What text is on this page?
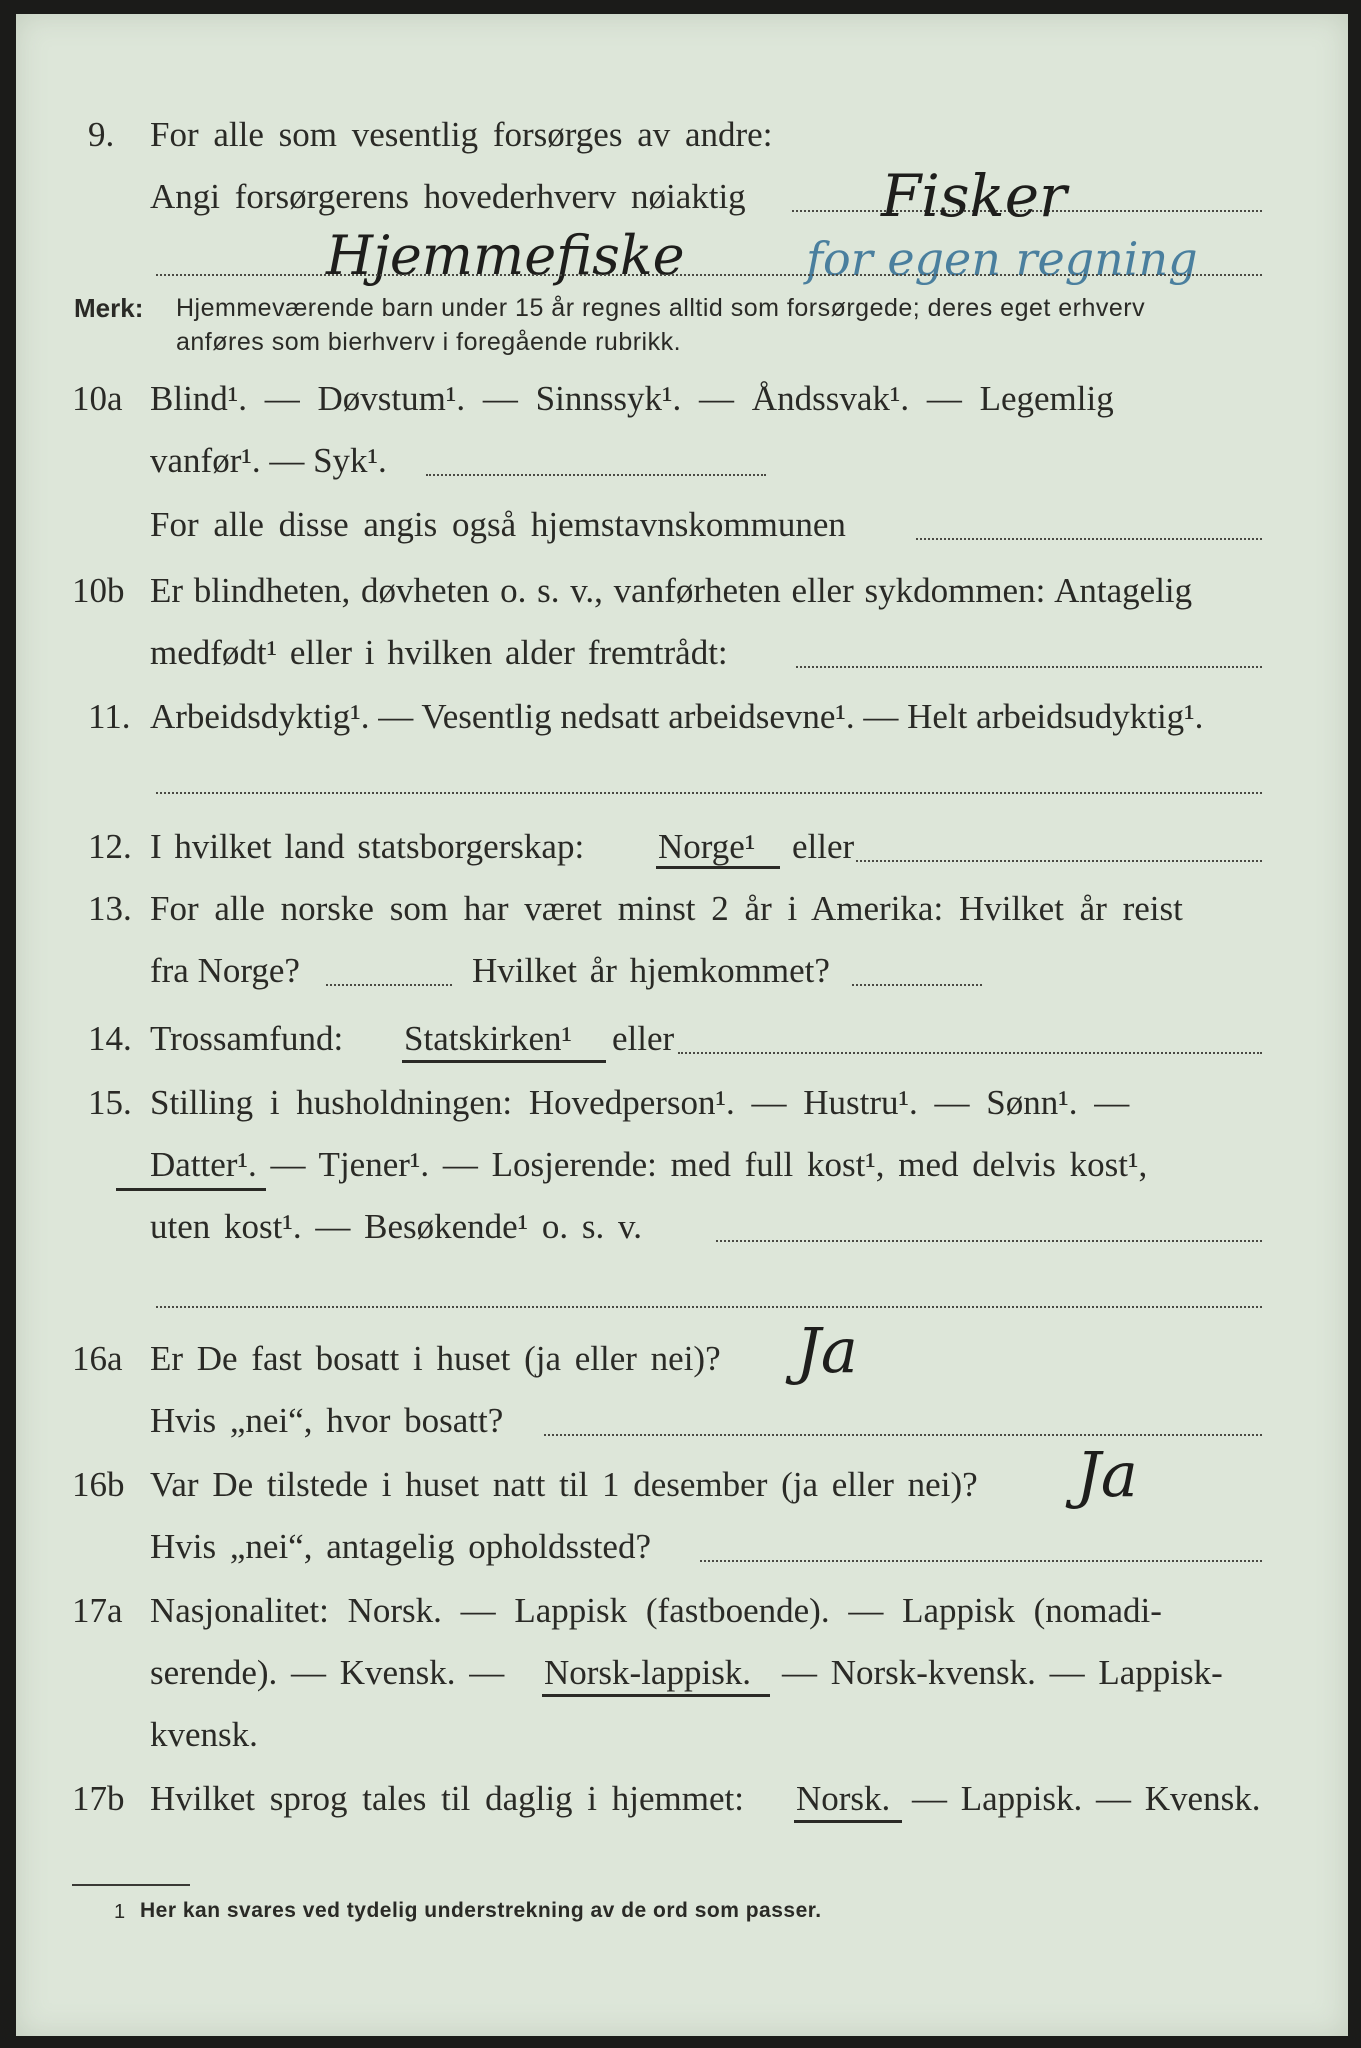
9. For alle som vesentlig forsørges av andre:
Angi forsørgerens hovederhverv nøiaktig Fisker
Hjemmefiske	for egen regning
Merk: Hjemmeværende barn under 15 år regnes alltid som forsørgede; deres eget erhverv
anføres som bierhverv i foregående rubrikk.
10a Blind¹. — Døvstum¹. — Sinnssyk¹. — Åndssvak¹. — Legemlig
vanfør¹. — Syk¹.
For alle disse angis også hjemstavnskommunen
10b Er blindheten, døvheten o. s. v., vanførheten eller sykdommen: Antagelig
medfødt¹ eller i hvilken alder fremtrådt:
11. Arbeidsdyktig¹. — Vesentlig nedsatt arbeidsevne¹. — Helt arbeidsudyktig¹.
12. I hvilket land statsborgerskap: Norge¹ eller
13. For alle norske som har været minst 2 år i Amerika: Hvilket år reist
fra Norge?	Hvilket år hjemkommet?
14. Trossamfund: Statskirken¹ eller
15. Stilling i husholdningen: Hovedperson¹. — Hustru¹. — Sønn¹. —
Datter¹. — Tjener¹. — Losjerende: med full kost¹, med delvis kost¹,
uten kost¹. — Besøkende¹ o. s. v.
16a Er De fast bosatt i huset (ja eller nei)? Ja
Hvis „nei“, hvor bosatt?
16b Var De tilstede i huset natt til 1 desember (ja eller nei)? Ja
Hvis „nei“, antagelig opholdssted?
17a Nasjonalitet: Norsk. — Lappisk (fastboende). — Lappisk (nomadi-
serende). — Kvensk. — Norsk-lappisk. — Norsk-kvensk. — Lappisk-
kvensk.
17b Hvilket sprog tales til daglig i hjemmet: Norsk. — Lappisk. — Kvensk.
1 Her kan svares ved tydelig understrekning av de ord som passer.
